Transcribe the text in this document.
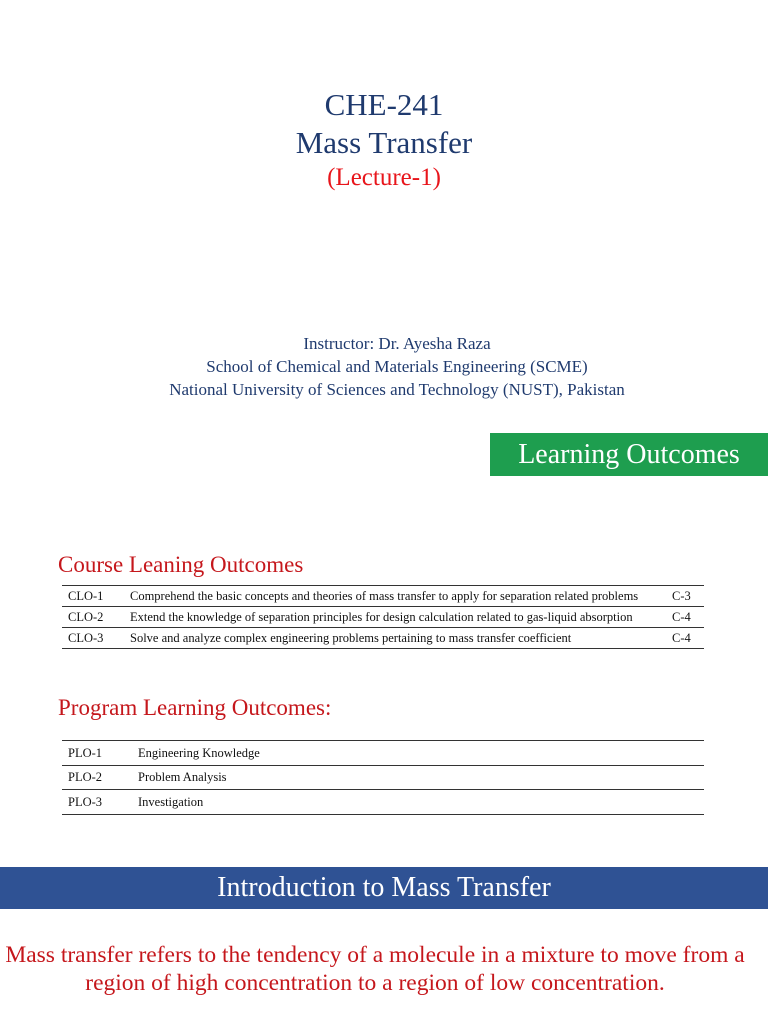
CHE-241
Mass Transfer
(Lecture-1)
Instructor: Dr. Ayesha Raza
School of Chemical and Materials Engineering (SCME)
National University of Sciences and Technology (NUST), Pakistan
Learning Outcomes
Course Leaning Outcomes
CLO-1	Comprehend the basic concepts and theories of mass transfer to apply for separation related problems	C-3
CLO-2	Extend the knowledge of separation principles for design calculation related to gas-liquid absorption	C-4
CLO-3	Solve and analyze complex engineering problems pertaining to mass transfer coefficient	C-4
Program Learning Outcomes:
PLO-1	Engineering Knowledge
PLO-2	Problem Analysis
PLO-3	Investigation
Introduction to Mass Transfer
Mass transfer refers to the tendency of a molecule in a mixture to move from a region of high concentration to a region of low concentration.
